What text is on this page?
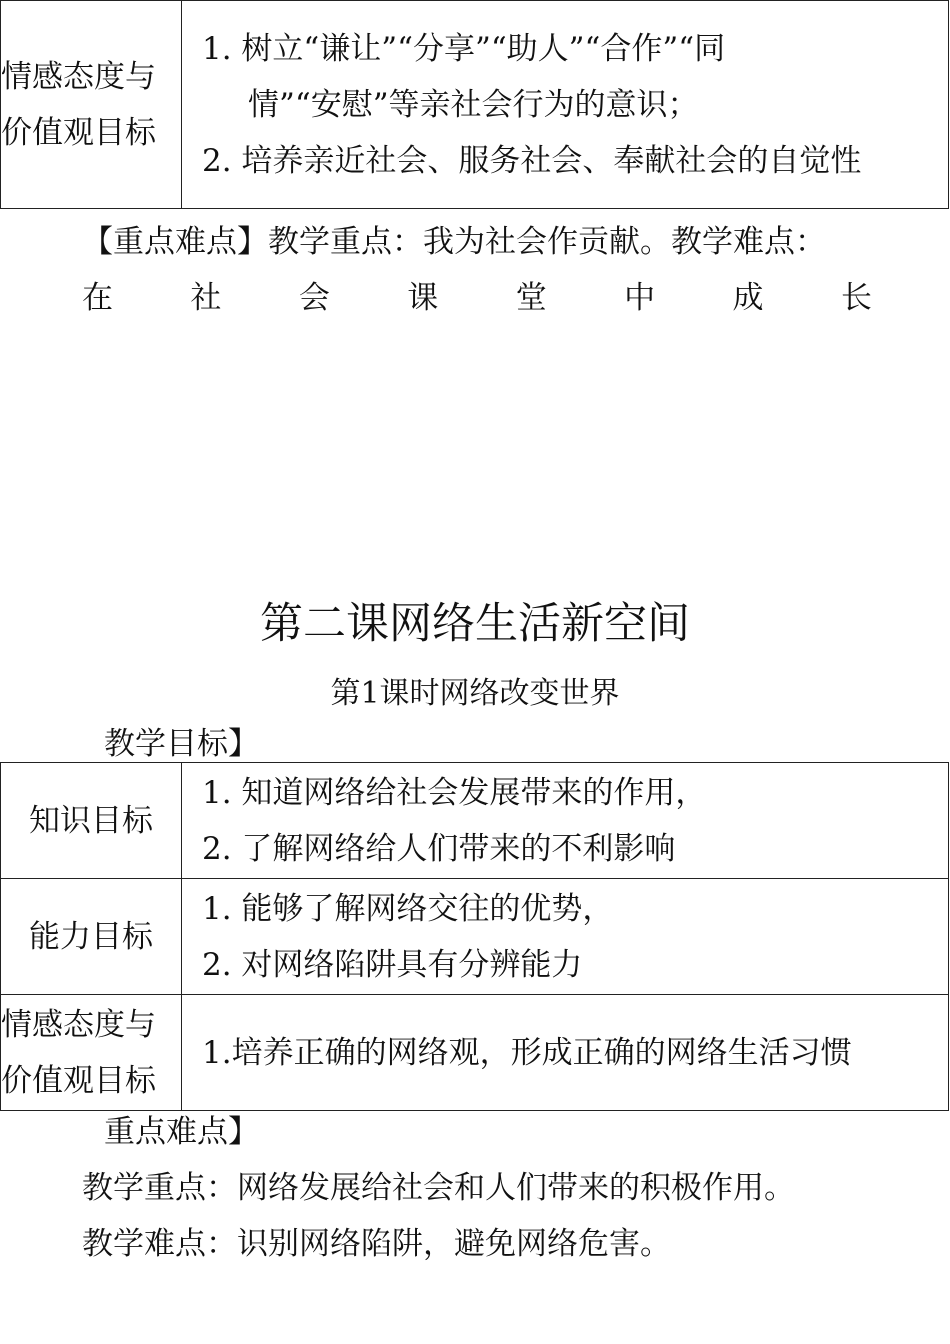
情感态度与
价值观目标

1. 树立“谦让”“分享”“助人”“合作”“同
情”“安慰”等亲社会行为的意识；
2. 培养亲近社会、服务社会、奉献社会的自觉性
【重点难点】教学重点：我为社会作贡献。教学难点：
在 社 会 课 堂 中 成 长
第二课网络生活新空间
第1课时网络改变世界
教学目标】
知识目标	1. 知道网络给社会发展带来的作用，
2. 了解网络给人们带来的不利影响

能力目标	1. 能够了解网络交往的优势，
2. 对网络陷阱具有分辨能力

情感态度与
价值观目标	1.培养正确的网络观，形成正确的网络生活习惯
重点难点】
教学重点：网络发展给社会和人们带来的积极作用。
教学难点：识别网络陷阱，避免网络危害。
